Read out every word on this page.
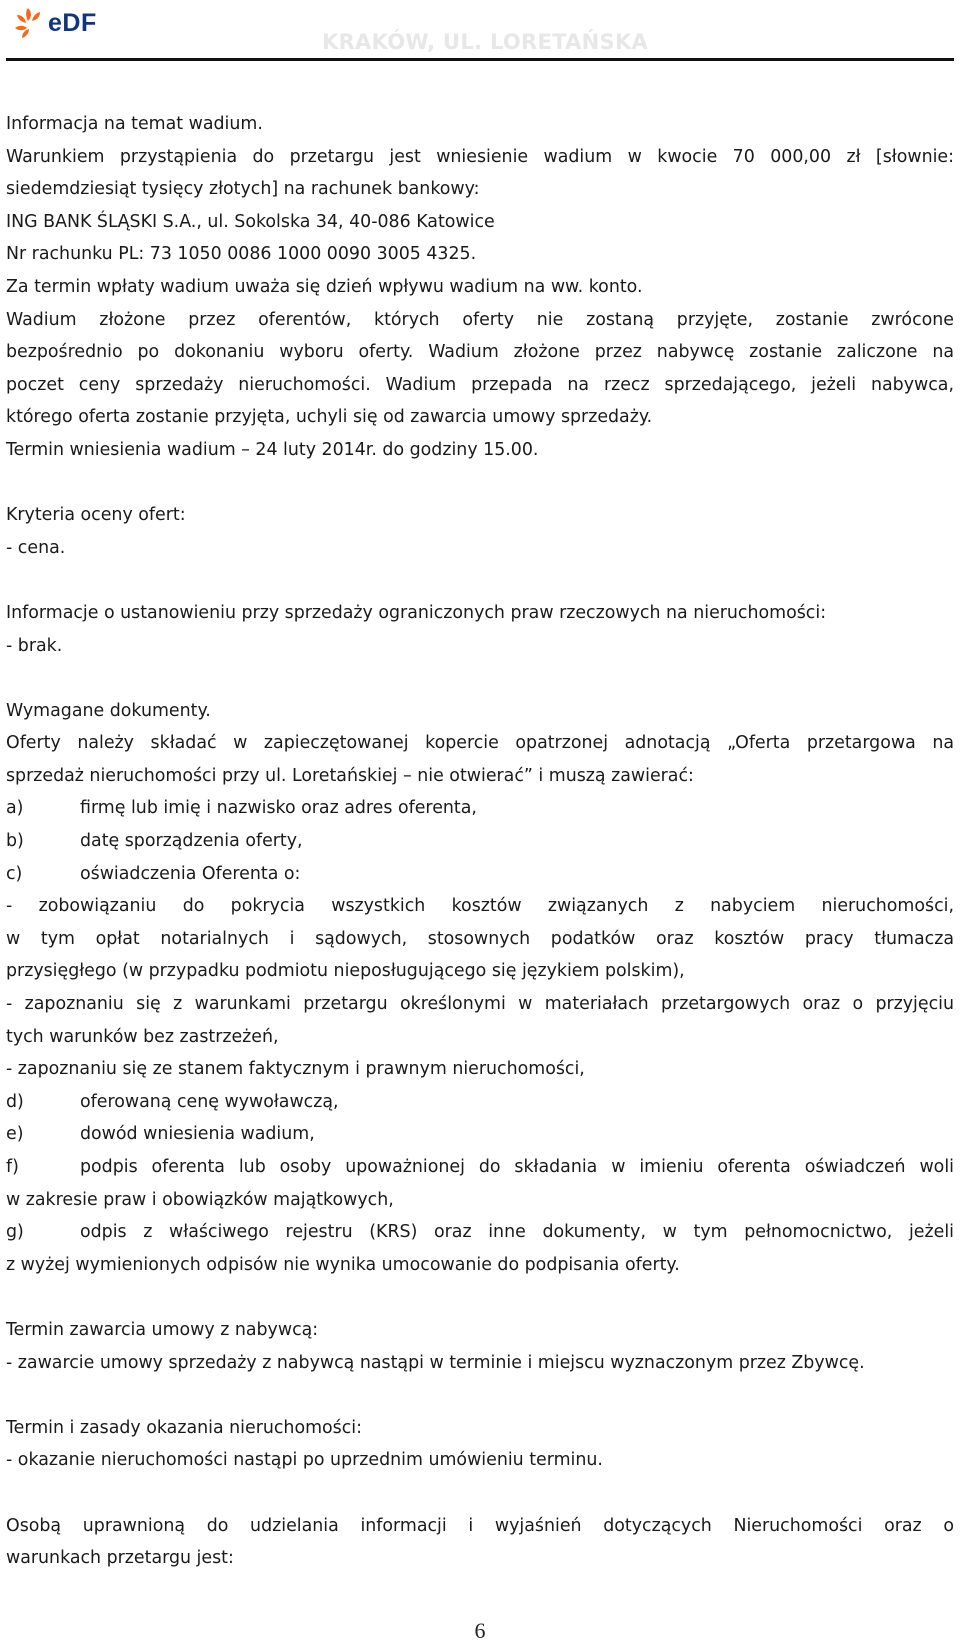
eDF
KRAKÓW, UL. LORETAŃSKA
Informacja na temat wadium.
Warunkiem przystąpienia do przetargu jest wniesienie wadium w kwocie 70 000,00 zł [słownie:
siedemdziesiąt tysięcy złotych] na rachunek bankowy:
ING BANK ŚLĄSKI S.A., ul. Sokolska 34, 40-086 Katowice
Nr rachunku PL: 73 1050 0086 1000 0090 3005 4325.
Za termin wpłaty wadium uważa się dzień wpływu wadium na ww. konto.
Wadium złożone przez oferentów, których oferty nie zostaną przyjęte, zostanie zwrócone
bezpośrednio po dokonaniu wyboru oferty. Wadium złożone przez nabywcę zostanie zaliczone na
poczet ceny sprzedaży nieruchomości. Wadium przepada na rzecz sprzedającego, jeżeli nabywca,
którego oferta zostanie przyjęta, uchyli się od zawarcia umowy sprzedaży.
Termin wniesienia wadium – 24 luty 2014r. do godziny 15.00.
Kryteria oceny ofert:
- cena.
Informacje o ustanowieniu przy sprzedaży ograniczonych praw rzeczowych na nieruchomości:
- brak.
Wymagane dokumenty.
Oferty należy składać w zapieczętowanej kopercie opatrzonej adnotacją „Oferta przetargowa na
sprzedaż nieruchomości przy ul. Loretańskiej – nie otwierać” i muszą zawierać:
a)	firmę lub imię i nazwisko oraz adres oferenta,
b)	datę sporządzenia oferty,
c)	oświadczenia Oferenta o:
- zobowiązaniu do pokrycia wszystkich kosztów związanych z nabyciem nieruchomości,
w tym opłat notarialnych i sądowych, stosownych podatków oraz kosztów pracy tłumacza
przysięgłego (w przypadku podmiotu nieposługującego się językiem polskim),
- zapoznaniu się z warunkami przetargu określonymi w materiałach przetargowych oraz o przyjęciu
tych warunków bez zastrzeżeń,
- zapoznaniu się ze stanem faktycznym i prawnym nieruchomości,
d)	oferowaną cenę wywoławczą,
e)	dowód wniesienia wadium,
f)	podpis oferenta lub osoby upoważnionej do składania w imieniu oferenta oświadczeń woli
w zakresie praw i obowiązków majątkowych,
g)	odpis z właściwego rejestru (KRS) oraz inne dokumenty, w tym pełnomocnictwo, jeżeli
z wyżej wymienionych odpisów nie wynika umocowanie do podpisania oferty.
Termin zawarcia umowy z nabywcą:
- zawarcie umowy sprzedaży z nabywcą nastąpi w terminie i miejscu wyznaczonym przez Zbywcę.
Termin i zasady okazania nieruchomości:
- okazanie nieruchomości nastąpi po uprzednim umówieniu terminu.
Osobą uprawnioną do udzielania informacji i wyjaśnień dotyczących Nieruchomości oraz o
warunkach przetargu jest:
6
